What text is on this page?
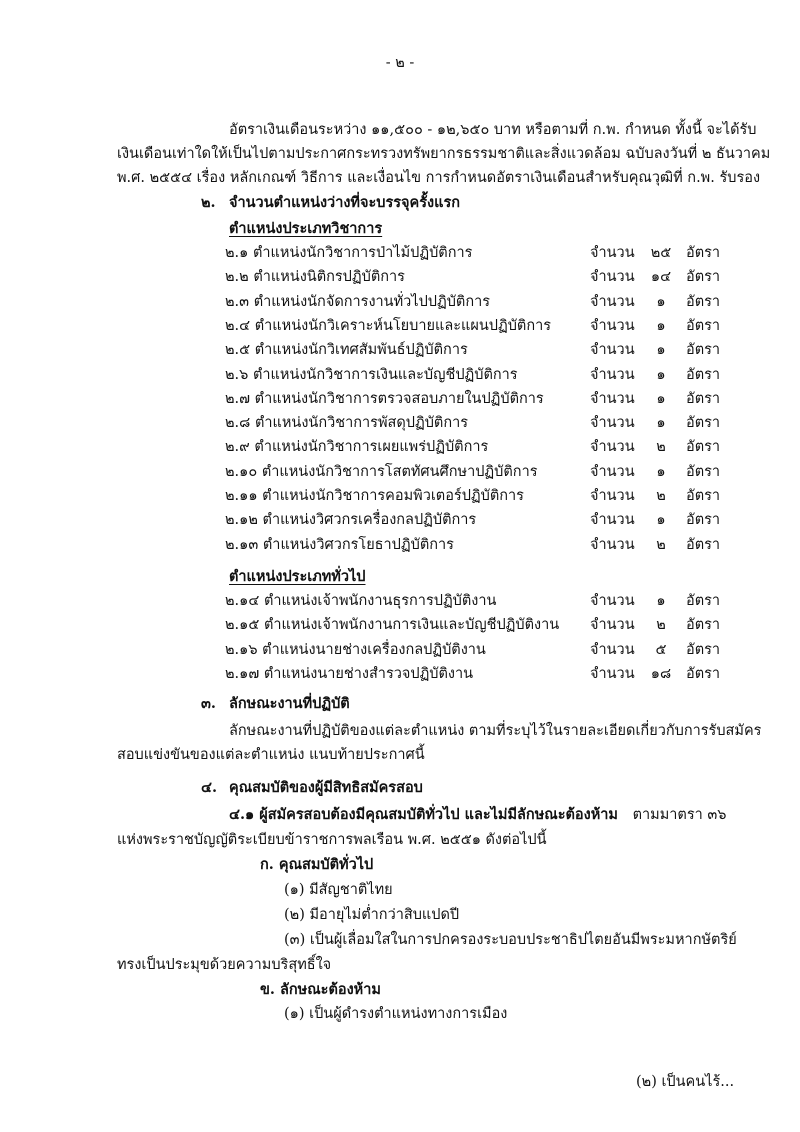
- ๒ -
อัตราเงินเดือนระหว่าง ๑๑,๕๐๐ - ๑๒,๖๕๐ บาท หรือตามที่ ก.พ. กำหนด ทั้งนี้ จะได้รับ
เงินเดือนเท่าใดให้เป็นไปตามประกาศกระทรวงทรัพยากรธรรมชาติและสิ่งแวดล้อม ฉบับลงวันที่ ๒ ธันวาคม
พ.ศ. ๒๕๕๔ เรื่อง หลักเกณฑ์ วิธีการ และเงื่อนไข การกำหนดอัตราเงินเดือนสำหรับคุณวุฒิที่ ก.พ. รับรอง
๒. จำนวนตำแหน่งว่างที่จะบรรจุครั้งแรก
ตำแหน่งประเภทวิชาการ
๒.๑ ตำแหน่งนักวิชาการป่าไม้ปฏิบัติการ	จำนวน	๒๕	อัตรา
๒.๒ ตำแหน่งนิติกรปฏิบัติการ	จำนวน	๑๔	อัตรา
๒.๓ ตำแหน่งนักจัดการงานทั่วไปปฏิบัติการ	จำนวน	๑	อัตรา
๒.๔ ตำแหน่งนักวิเคราะห์นโยบายและแผนปฏิบัติการ	จำนวน	๑	อัตรา
๒.๕ ตำแหน่งนักวิเทศสัมพันธ์ปฏิบัติการ	จำนวน	๑	อัตรา
๒.๖ ตำแหน่งนักวิชาการเงินและบัญชีปฏิบัติการ	จำนวน	๑	อัตรา
๒.๗ ตำแหน่งนักวิชาการตรวจสอบภายในปฏิบัติการ	จำนวน	๑	อัตรา
๒.๘ ตำแหน่งนักวิชาการพัสดุปฏิบัติการ	จำนวน	๑	อัตรา
๒.๙ ตำแหน่งนักวิชาการเผยแพร่ปฏิบัติการ	จำนวน	๒	อัตรา
๒.๑๐ ตำแหน่งนักวิชาการโสตทัศนศึกษาปฏิบัติการ	จำนวน	๑	อัตรา
๒.๑๑ ตำแหน่งนักวิชาการคอมพิวเตอร์ปฏิบัติการ	จำนวน	๒	อัตรา
๒.๑๒ ตำแหน่งวิศวกรเครื่องกลปฏิบัติการ	จำนวน	๑	อัตรา
๒.๑๓ ตำแหน่งวิศวกรโยธาปฏิบัติการ	จำนวน	๒	อัตรา
ตำแหน่งประเภททั่วไป
๒.๑๔ ตำแหน่งเจ้าพนักงานธุรการปฏิบัติงาน	จำนวน	๑	อัตรา
๒.๑๕ ตำแหน่งเจ้าพนักงานการเงินและบัญชีปฏิบัติงาน จำนวน	๒	อัตรา
๒.๑๖ ตำแหน่งนายช่างเครื่องกลปฏิบัติงาน	จำนวน	๕	อัตรา
๒.๑๗ ตำแหน่งนายช่างสำรวจปฏิบัติงาน	จำนวน	๑๘	อัตรา
๓. ลักษณะงานที่ปฏิบัติ
ลักษณะงานที่ปฏิบัติของแต่ละตำแหน่ง ตามที่ระบุไว้ในรายละเอียดเกี่ยวกับการรับสมัคร
สอบแข่งขันของแต่ละตำแหน่ง แนบท้ายประกาศนี้
๔. คุณสมบัติของผู้มีสิทธิสมัครสอบ
๔.๑ ผู้สมัครสอบต้องมีคุณสมบัติทั่วไป และไม่มีลักษณะต้องห้าม ตามมาตรา ๓๖
แห่งพระราชบัญญัติระเบียบข้าราชการพลเรือน พ.ศ. ๒๕๕๑ ดังต่อไปนี้
ก. คุณสมบัติทั่วไป
(๑) มีสัญชาติไทย
(๒) มีอายุไม่ต่ำกว่าสิบแปดปี
(๓) เป็นผู้เลื่อมใสในการปกครองระบอบประชาธิปไตยอันมีพระมหากษัตริย์
ทรงเป็นประมุขด้วยความบริสุทธิ์ใจ
ข. ลักษณะต้องห้าม
(๑) เป็นผู้ดำรงตำแหน่งทางการเมือง
(๒) เป็นคนไร้...
